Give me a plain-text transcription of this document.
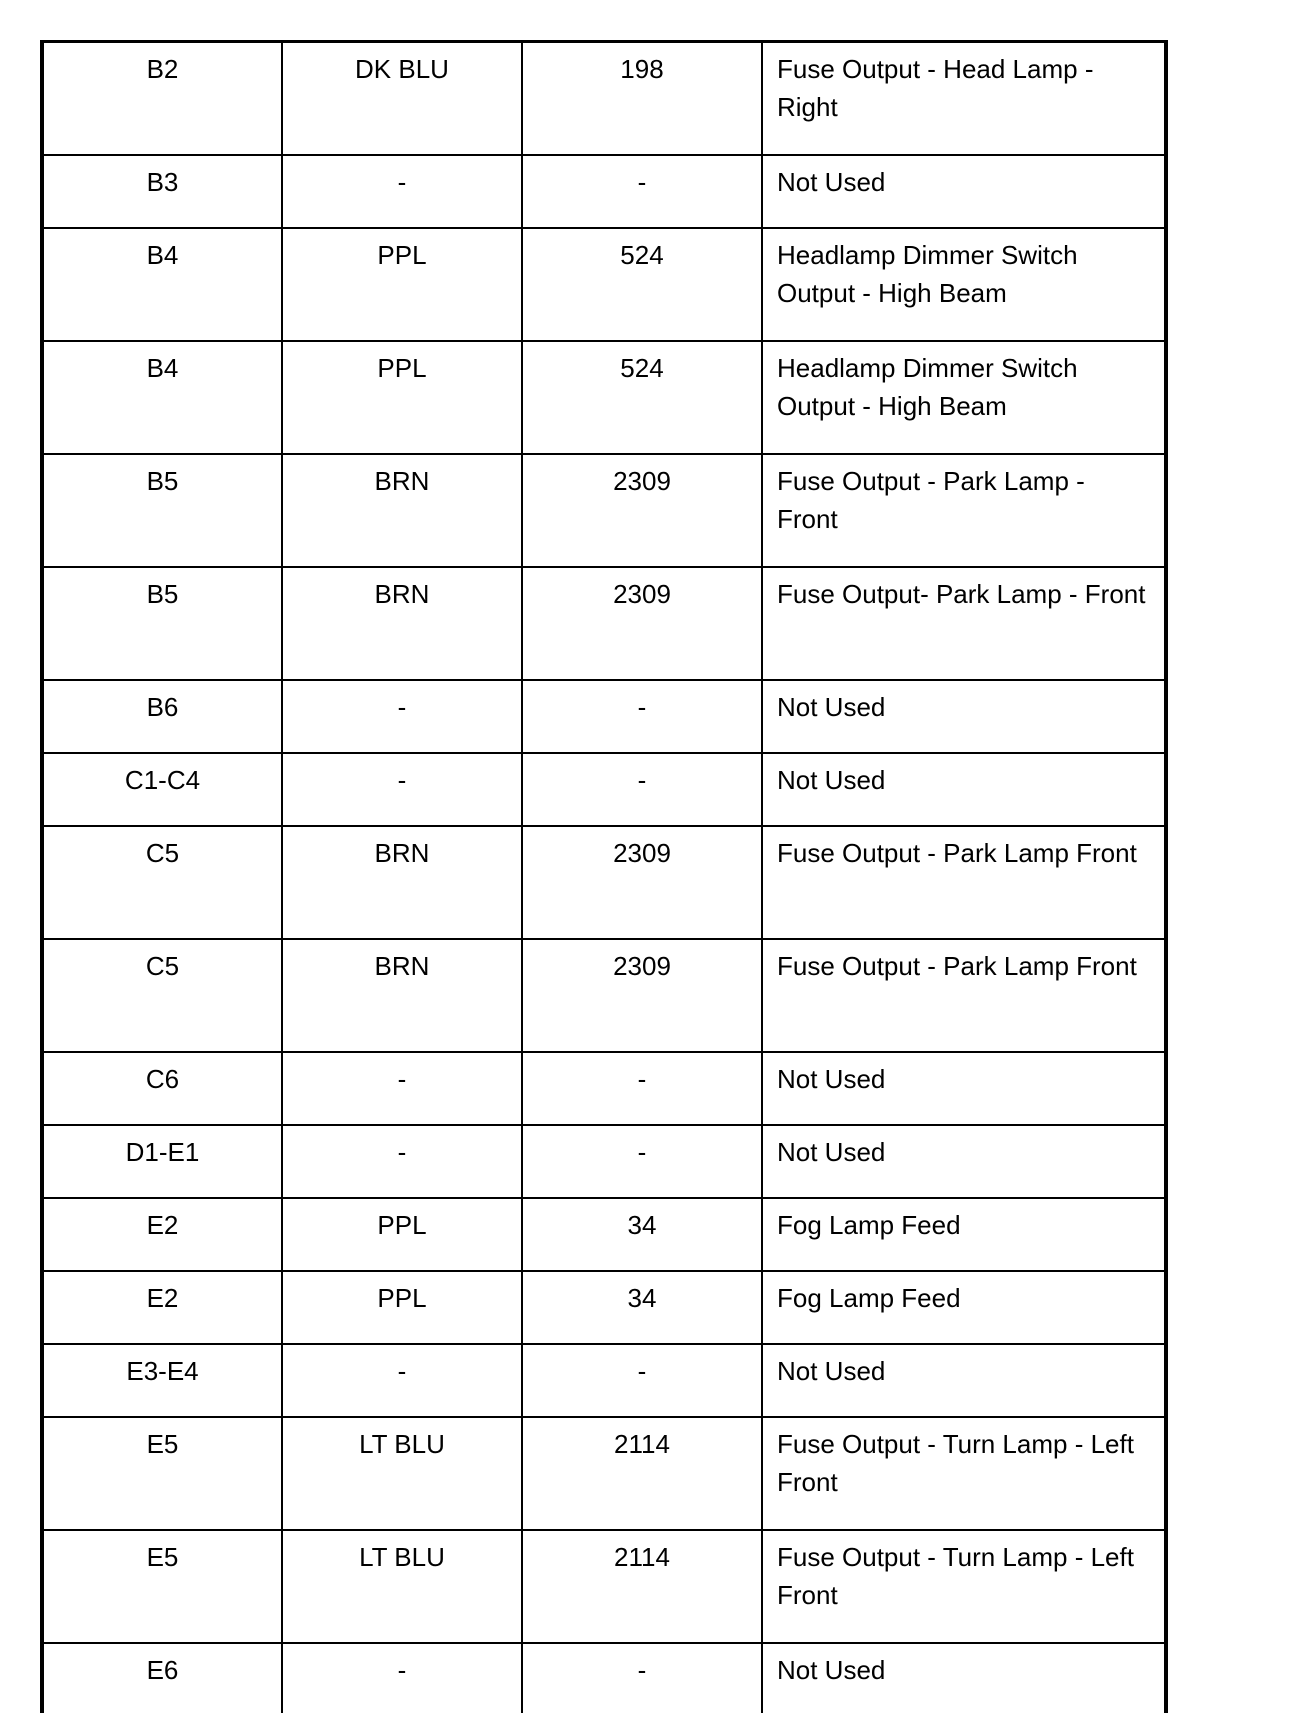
B2	DK BLU	198	Fuse Output - Head Lamp - Right
B3	-	-	Not Used
B4	PPL	524	Headlamp Dimmer Switch Output - High Beam
B4	PPL	524	Headlamp Dimmer Switch Output - High Beam
B5	BRN	2309	Fuse Output - Park Lamp - Front
B5	BRN	2309	Fuse Output- Park Lamp - Front
B6	-	-	Not Used
C1-C4	-	-	Not Used
C5	BRN	2309	Fuse Output - Park Lamp Front
C5	BRN	2309	Fuse Output - Park Lamp Front
C6	-	-	Not Used
D1-E1	-	-	Not Used
E2	PPL	34	Fog Lamp Feed
E2	PPL	34	Fog Lamp Feed
E3-E4	-	-	Not Used
E5	LT BLU	2114	Fuse Output - Turn Lamp - Left Front
E5	LT BLU	2114	Fuse Output - Turn Lamp - Left Front
E6	-	-	Not Used
